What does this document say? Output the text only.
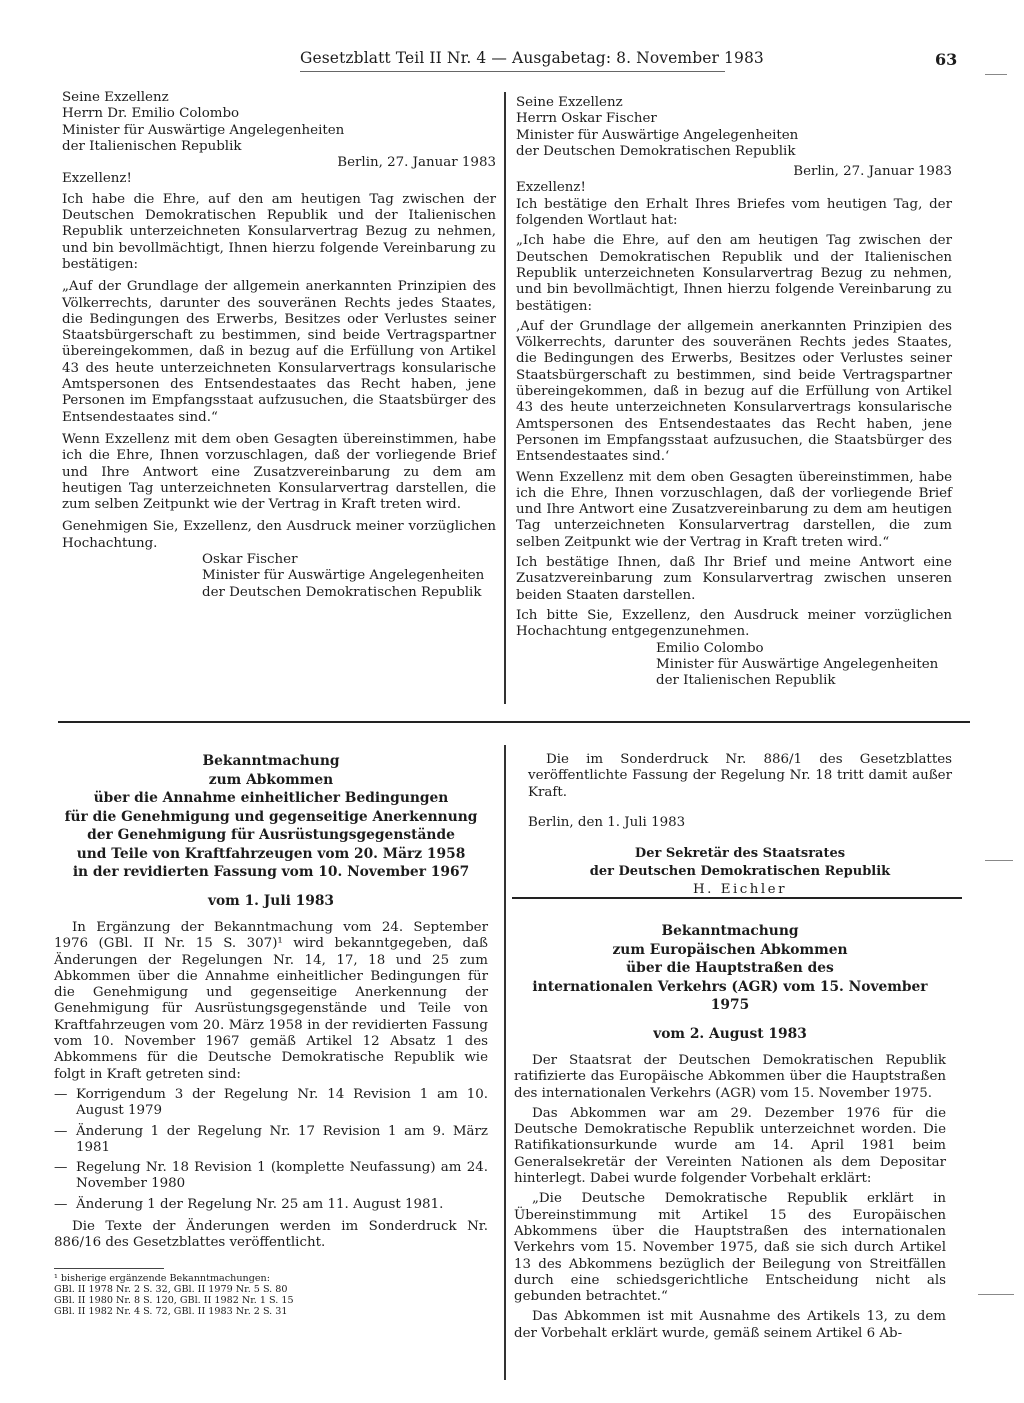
Gesetzblatt Teil II Nr. 4 — Ausgabetag: 8. November 1983	63
Seine Exzellenz
Herrn Dr. Emilio Colombo
Minister für Auswärtige Angelegenheiten
der Italienischen Republik

Berlin, 27. Januar 1983

Exzellenz!

Ich habe die Ehre, auf den am heutigen Tag zwischen der Deutschen Demokratischen Republik und der Italienischen Republik unterzeichneten Konsularvertrag Bezug zu nehmen, und bin bevollmächtigt, Ihnen hierzu folgende Vereinbarung zu bestätigen:

„Auf der Grundlage der allgemein anerkannten Prinzipien des Völkerrechts, darunter des souveränen Rechts jedes Staates, die Bedingungen des Erwerbs, Besitzes oder Verlustes seiner Staatsbürgerschaft zu bestimmen, sind beide Vertragspartner übereingekommen, daß in bezug auf die Erfüllung von Artikel 43 des heute unterzeichneten Konsularvertrags konsularische Amtspersonen des Entsendestaates das Recht haben, jene Personen im Empfangsstaat aufzusuchen, die Staatsbürger des Entsendestaates sind.“

Wenn Exzellenz mit dem oben Gesagten übereinstimmen, habe ich die Ehre, Ihnen vorzuschlagen, daß der vorliegende Brief und Ihre Antwort eine Zusatzvereinbarung zu dem am heutigen Tag unterzeichneten Konsularvertrag darstellen, die zum selben Zeitpunkt wie der Vertrag in Kraft treten wird.

Genehmigen Sie, Exzellenz, den Ausdruck meiner vorzüglichen Hochachtung.

Oskar Fischer
Minister für Auswärtige Angelegenheiten
der Deutschen Demokratischen Republik
Seine Exzellenz
Herrn Oskar Fischer
Minister für Auswärtige Angelegenheiten
der Deutschen Demokratischen Republik

Berlin, 27. Januar 1983

Exzellenz!

Ich bestätige den Erhalt Ihres Briefes vom heutigen Tag, der folgenden Wortlaut hat:

„Ich habe die Ehre, auf den am heutigen Tag zwischen der Deutschen Demokratischen Republik und der Italienischen Republik unterzeichneten Konsularvertrag Bezug zu nehmen, und bin bevollmächtigt, Ihnen hierzu folgende Vereinbarung zu bestätigen:

‚Auf der Grundlage der allgemein anerkannten Prinzipien des Völkerrechts, darunter des souveränen Rechts jedes Staates, die Bedingungen des Erwerbs, Besitzes oder Verlustes seiner Staatsbürgerschaft zu bestimmen, sind beide Vertragspartner übereingekommen, daß in bezug auf die Erfüllung von Artikel 43 des heute unterzeichneten Konsularvertrags konsularische Amtspersonen des Entsendestaates das Recht haben, jene Personen im Empfangsstaat aufzusuchen, die Staatsbürger des Entsendestaates sind.‘

Wenn Exzellenz mit dem oben Gesagten übereinstimmen, habe ich die Ehre, Ihnen vorzuschlagen, daß der vorliegende Brief und Ihre Antwort eine Zusatzvereinbarung zu dem am heutigen Tag unterzeichneten Konsularvertrag darstellen, die zum selben Zeitpunkt wie der Vertrag in Kraft treten wird.“

Ich bestätige Ihnen, daß Ihr Brief und meine Antwort eine Zusatzvereinbarung zum Konsularvertrag zwischen unseren beiden Staaten darstellen.

Ich bitte Sie, Exzellenz, den Ausdruck meiner vorzüglichen Hochachtung entgegenzunehmen.

Emilio Colombo
Minister für Auswärtige Angelegenheiten
der Italienischen Republik
Bekanntmachung
zum Abkommen
über die Annahme einheitlicher Bedingungen
für die Genehmigung und gegenseitige Anerkennung
der Genehmigung für Ausrüstungsgegenstände
und Teile von Kraftfahrzeugen vom 20. März 1958
in der revidierten Fassung vom 10. November 1967

vom 1. Juli 1983

In Ergänzung der Bekanntmachung vom 24. September 1976 (GBl. II Nr. 15 S. 307)¹ wird bekanntgegeben, daß Änderungen der Regelungen Nr. 14, 17, 18 und 25 zum Abkommen über die Annahme einheitlicher Bedingungen für die Genehmigung und gegenseitige Anerkennung der Genehmigung für Ausrüstungsgegenstände und Teile von Kraftfahrzeugen vom 20. März 1958 in der revidierten Fassung vom 10. November 1967 gemäß Artikel 12 Absatz 1 des Abkommens für die Deutsche Demokratische Republik wie folgt in Kraft getreten sind:

— Korrigendum 3 der Regelung Nr. 14 Revision 1 am 10. August 1979
— Änderung 1 der Regelung Nr. 17 Revision 1 am 9. März 1981
— Regelung Nr. 18 Revision 1 (komplette Neufassung) am 24. November 1980
— Änderung 1 der Regelung Nr. 25 am 11. August 1981.

Die Texte der Änderungen werden im Sonderdruck Nr. 886/16 des Gesetzblattes veröffentlicht.

¹ bisherige ergänzende Bekanntmachungen:
GBl. II 1978 Nr. 2 S. 32, GBl. II 1979 Nr. 5 S. 80
GBl. II 1980 Nr. 8 S. 120, GBl. II 1982 Nr. 1 S. 15
GBl. II 1982 Nr. 4 S. 72, GBl. II 1983 Nr. 2 S. 31

Die im Sonderdruck Nr. 886/1 des Gesetzblattes veröffentlichte Fassung der Regelung Nr. 18 tritt damit außer Kraft.

Berlin, den 1. Juli 1983

Der Sekretär des Staatsrates
der Deutschen Demokratischen Republik

H. Eichler

Bekanntmachung
zum Europäischen Abkommen
über die Hauptstraßen des
internationalen Verkehrs (AGR) vom 15. November 1975

vom 2. August 1983

Der Staatsrat der Deutschen Demokratischen Republik ratifizierte das Europäische Abkommen über die Hauptstraßen des internationalen Verkehrs (AGR) vom 15. November 1975.

Das Abkommen war am 29. Dezember 1976 für die Deutsche Demokratische Republik unterzeichnet worden. Die Ratifikationsurkunde wurde am 14. April 1981 beim Generalsekretär der Vereinten Nationen als dem Depositar hinterlegt. Dabei wurde folgender Vorbehalt erklärt:

„Die Deutsche Demokratische Republik erklärt in Übereinstimmung mit Artikel 15 des Europäischen Abkommens über die Hauptstraßen des internationalen Verkehrs vom 15. November 1975, daß sie sich durch Artikel 13 des Abkommens bezüglich der Beilegung von Streitfällen durch eine schiedsgerichtliche Entscheidung nicht als gebunden betrachtet.“

Das Abkommen ist mit Ausnahme des Artikels 13, zu dem der Vorbehalt erklärt wurde, gemäß seinem Artikel 6 Ab-
